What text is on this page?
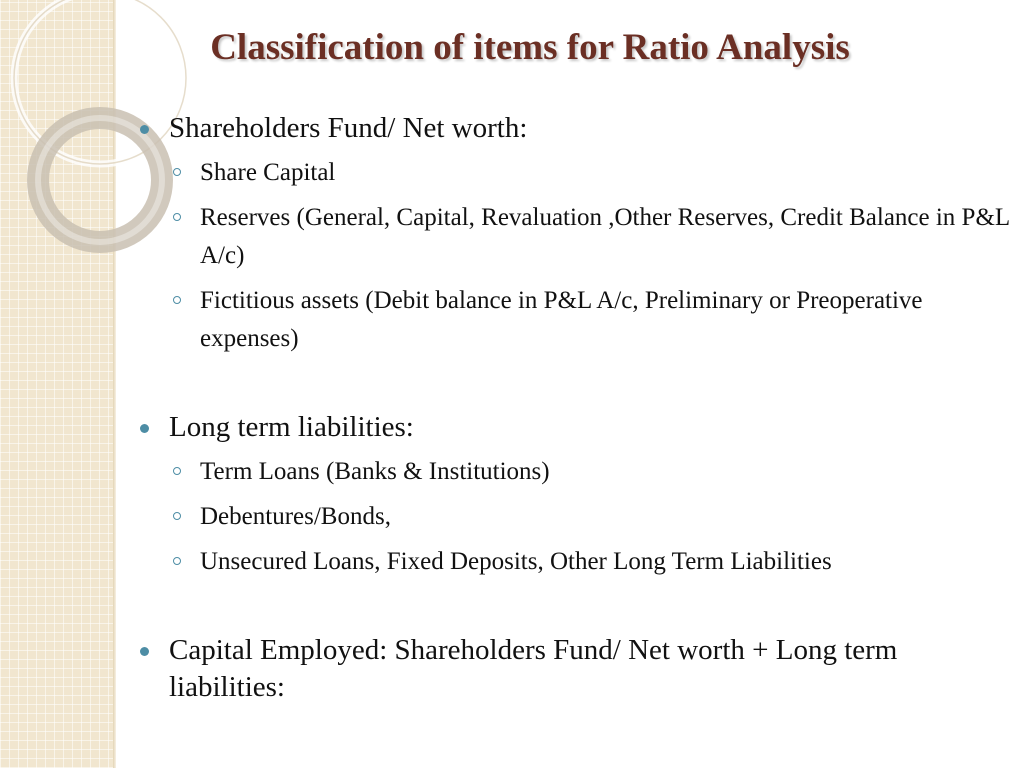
Classification of items for Ratio Analysis
Shareholders Fund/ Net worth:
Share Capital
Reserves (General, Capital, Revaluation ,Other Reserves, Credit Balance in P&L A/c)
Fictitious assets (Debit balance in P&L A/c, Preliminary or Preoperative expenses)
Long term liabilities:
Term Loans (Banks & Institutions)
Debentures/Bonds,
Unsecured Loans, Fixed Deposits, Other Long Term Liabilities
Capital Employed: Shareholders Fund/ Net worth + Long term liabilities:
